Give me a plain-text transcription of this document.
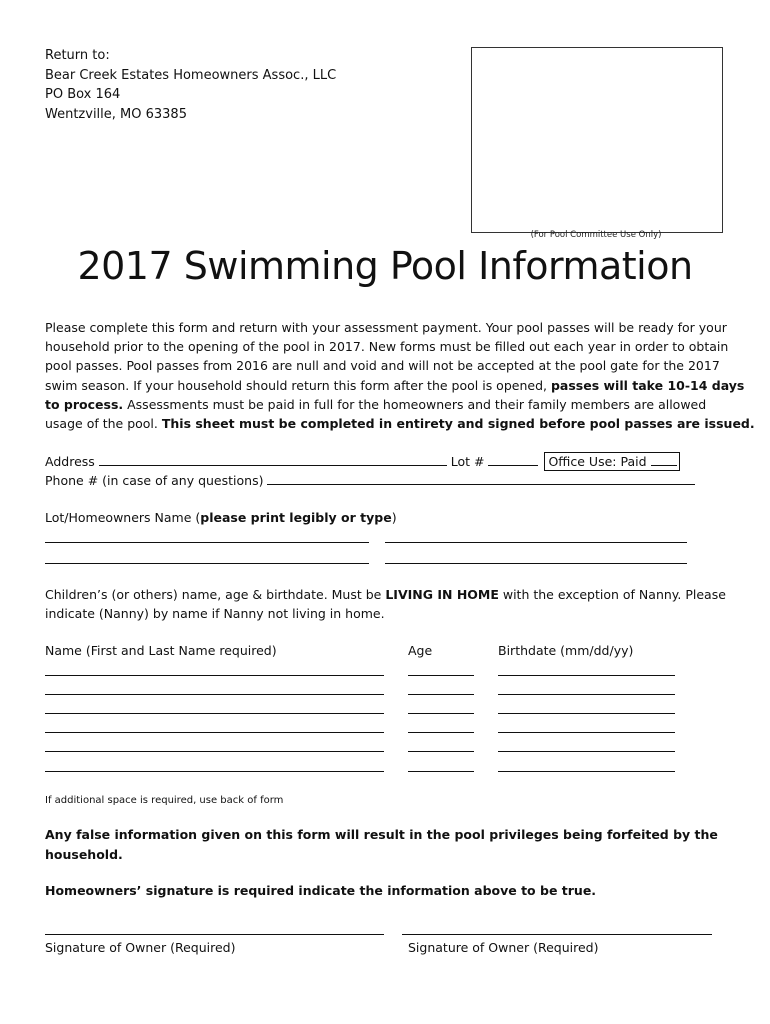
Return to:
Bear Creek Estates Homeowners Assoc., LLC
PO Box 164
Wentzville, MO 63385
(For Pool Committee Use Only)
2017 Swimming Pool Information
Please complete this form and return with your assessment payment. Your pool passes will be ready for your
household prior to the opening of the pool in 2017. New forms must be filled out each year in order to obtain
pool passes. Pool passes from 2016 are null and void and will not be accepted at the pool gate for the 2017
swim season. If your household should return this form after the pool is opened, passes will take 10-14 days
to process. Assessments must be paid in full for the homeowners and their family members are allowed
usage of the pool. This sheet must be completed in entirety and signed before pool passes are issued.
Address	Lot #	Office Use: Paid
Phone # (in case of any questions)
Lot/Homeowners Name (please print legibly or type)
Children’s (or others) name, age & birthdate. Must be LIVING IN HOME with the exception of Nanny. Please
indicate (Nanny) by name if Nanny not living in home.
Name (First and Last Name required)	Age	Birthdate (mm/dd/yy)
If additional space is required, use back of form
Any false information given on this form will result in the pool privileges being forfeited by the
household.
Homeowners’ signature is required indicate the information above to be true.
Signature of Owner (Required)	Signature of Owner (Required)
